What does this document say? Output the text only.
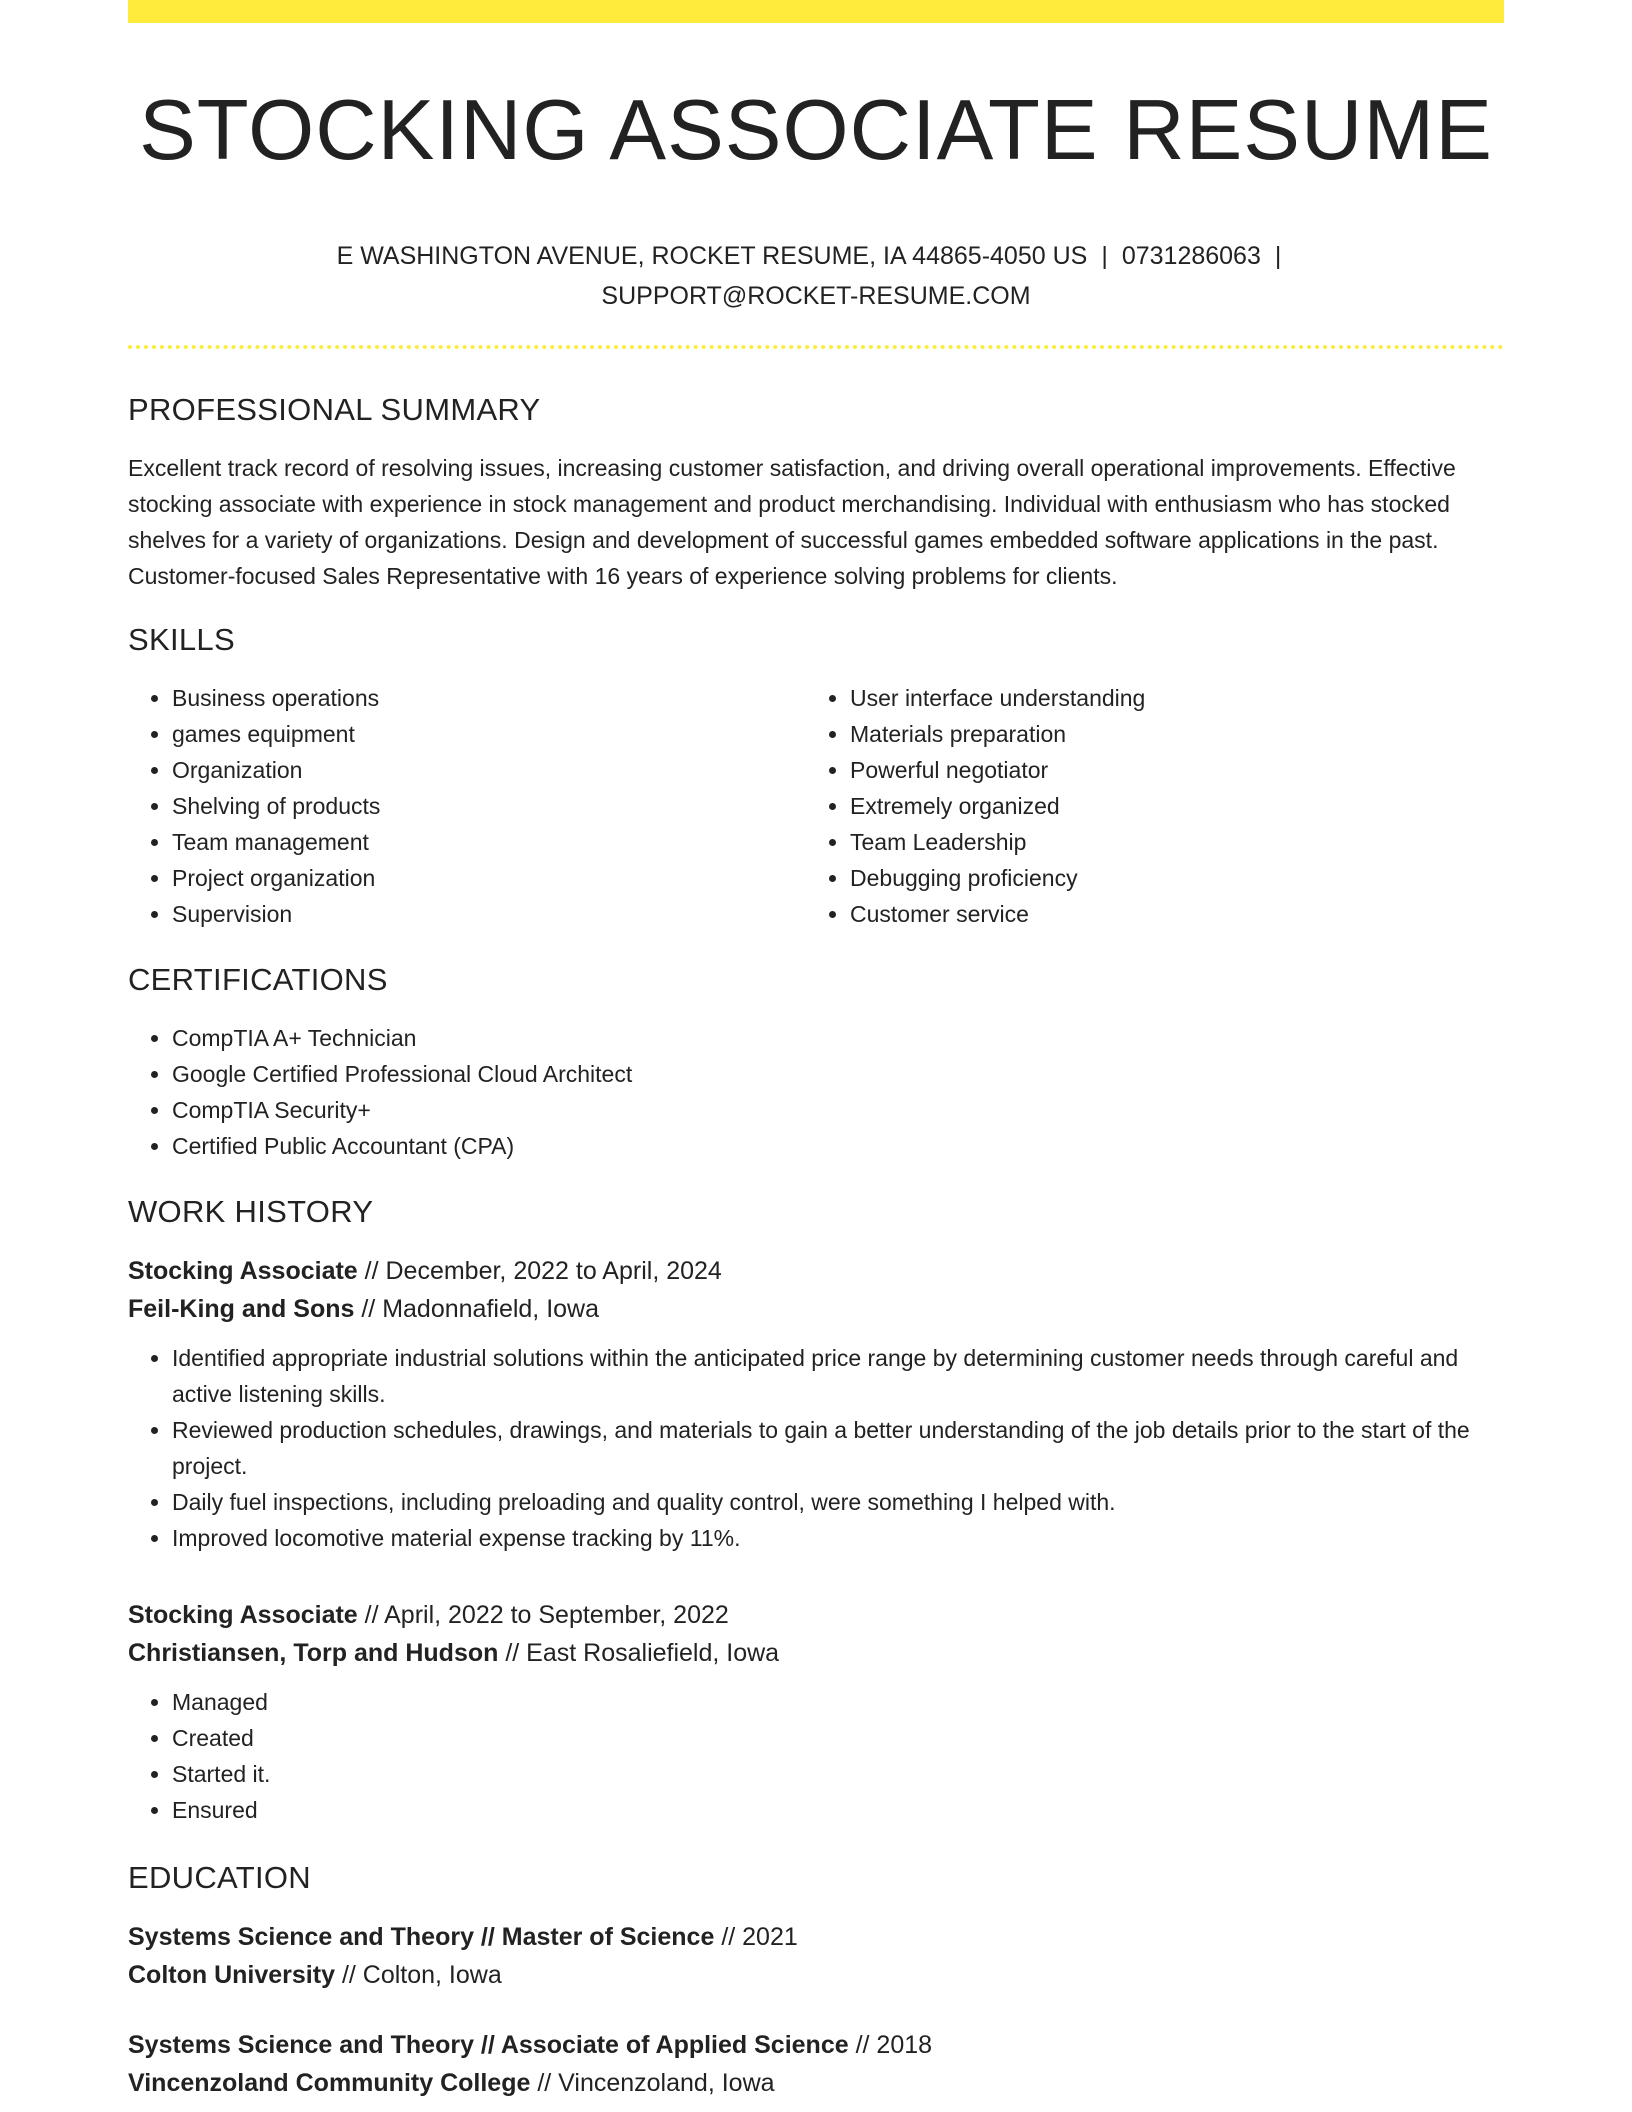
STOCKING ASSOCIATE RESUME
E WASHINGTON AVENUE, ROCKET RESUME, IA 44865-4050 US | 0731286063 |
SUPPORT@ROCKET-RESUME.COM
PROFESSIONAL SUMMARY

Excellent track record of resolving issues, increasing customer satisfaction, and driving overall operational improvements. Effective stocking associate with experience in stock management and product merchandising. Individual with enthusiasm who has stocked shelves for a variety of organizations. Design and development of successful games embedded software applications in the past. Customer-focused Sales Representative with 16 years of experience solving problems for clients.

SKILLS
• Business operations
• games equipment
• Organization
• Shelving of products
• Team management
• Project organization
• Supervision
• User interface understanding
• Materials preparation
• Powerful negotiator
• Extremely organized
• Team Leadership
• Debugging proficiency
• Customer service
CERTIFICATIONS
• CompTIA A+ Technician
• Google Certified Professional Cloud Architect
• CompTIA Security+
• Certified Public Accountant (CPA)
WORK HISTORY
Stocking Associate // December, 2022 to April, 2024
Feil-King and Sons // Madonnafield, Iowa
• Identified appropriate industrial solutions within the anticipated price range by determining customer needs through careful and active listening skills.
• Reviewed production schedules, drawings, and materials to gain a better understanding of the job details prior to the start of the project.
• Daily fuel inspections, including preloading and quality control, were something I helped with.
• Improved locomotive material expense tracking by 11%.
Stocking Associate // April, 2022 to September, 2022
Christiansen, Torp and Hudson // East Rosaliefield, Iowa
• Managed
• Created
• Started it.
• Ensured
EDUCATION
Systems Science and Theory // Master of Science // 2021
Colton University // Colton, Iowa
Systems Science and Theory // Associate of Applied Science // 2018
Vincenzoland Community College // Vincenzoland, Iowa
